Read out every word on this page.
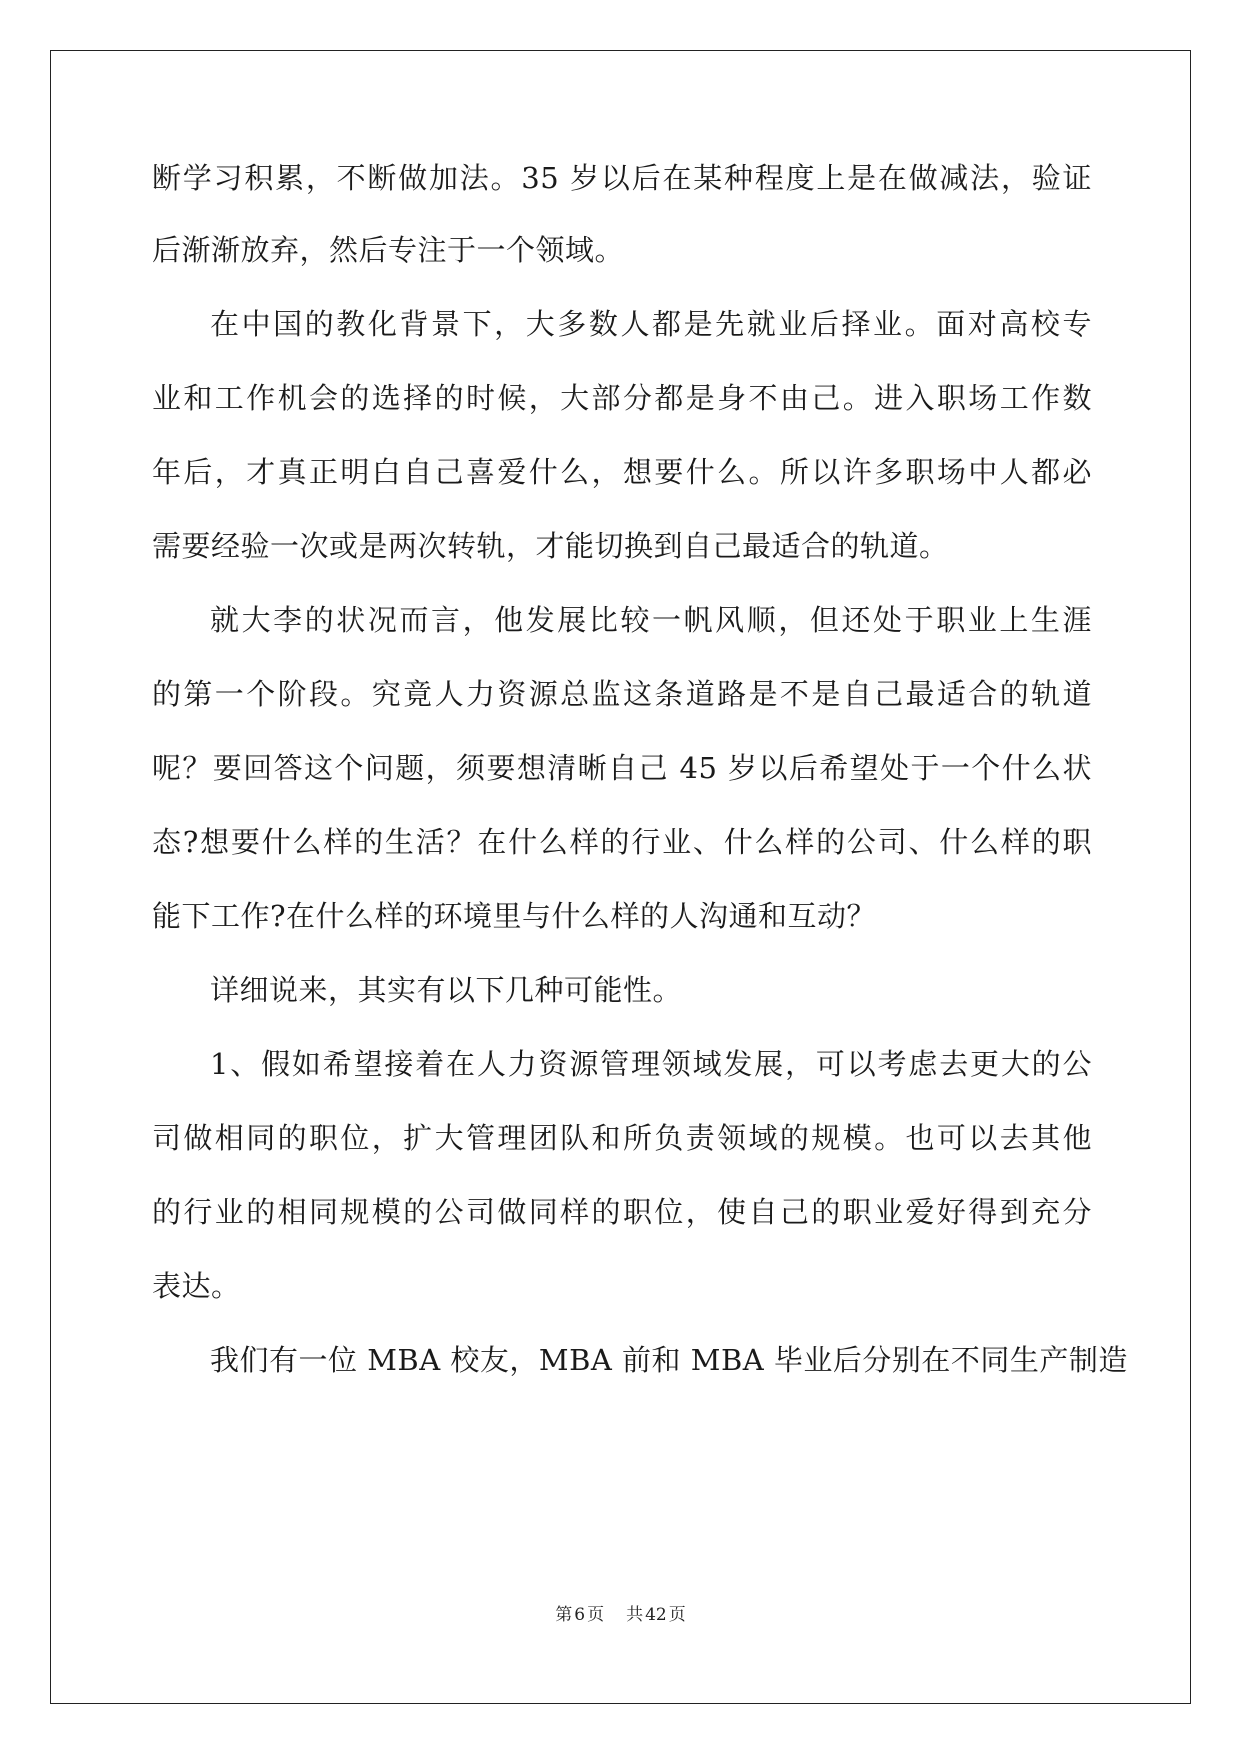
断学习积累，不断做加法。35 岁以后在某种程度上是在做减法，验证
后渐渐放弃，然后专注于一个领域。
在中国的教化背景下，大多数人都是先就业后择业。面对高校专
业和工作机会的选择的时候，大部分都是身不由己。进入职场工作数
年后，才真正明白自己喜爱什么，想要什么。所以许多职场中人都必
需要经验一次或是两次转轨，才能切换到自己最适合的轨道。
就大李的状况而言，他发展比较一帆风顺，但还处于职业上生涯
的第一个阶段。究竟人力资源总监这条道路是不是自己最适合的轨道
呢？要回答这个问题，须要想清晰自己 45 岁以后希望处于一个什么状
态?想要什么样的生活？在什么样的行业、什么样的公司、什么样的职
能下工作?在什么样的环境里与什么样的人沟通和互动？
详细说来，其实有以下几种可能性。
1、假如希望接着在人力资源管理领域发展，可以考虑去更大的公
司做相同的职位，扩大管理团队和所负责领域的规模。也可以去其他
的行业的相同规模的公司做同样的职位，使自己的职业爱好得到充分
表达。
我们有一位 MBA 校友，MBA 前和 MBA 毕业后分别在不同生产制造
第 6 页 共 42 页
